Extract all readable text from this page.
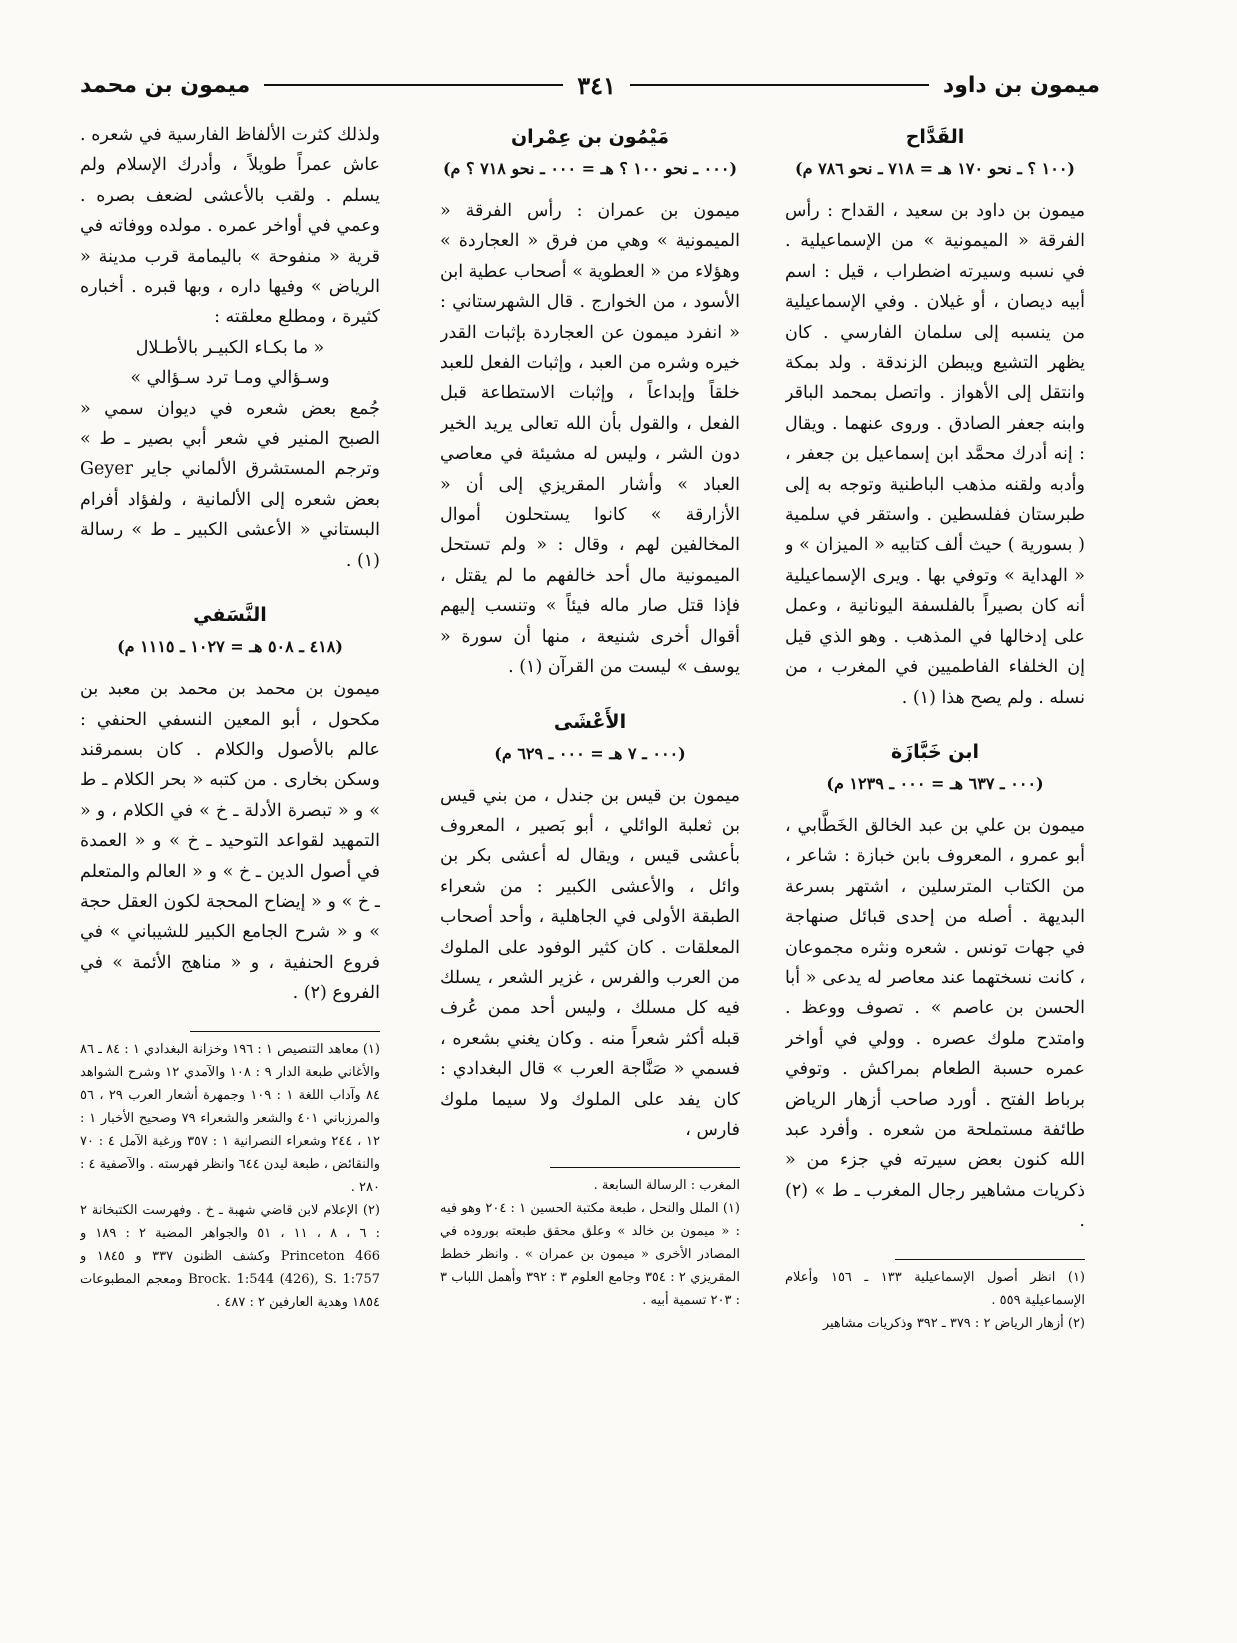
ميمون بن داود
٣٤١
ميمون بن محمد
القَدَّاح

(١٠٠ ؟ ـ نحو ١٧٠ هـ = ٧١٨ ـ نحو ٧٨٦ م)

ميمون بن داود بن سعيد ، القداح : رأس الفرقة « الميمونية » من الإسماعيلية . في نسبه وسيرته اضطراب ، قيل : اسم أبيه ديصان ، أو غيلان . وفي الإسماعيلية من ينسبه إلى سلمان الفارسي . كان يظهر التشيع ويبطن الزندقة . ولد بمكة وانتقل إلى الأهواز . واتصل بمحمد الباقر وابنه جعفر الصادق . وروى عنهما . ويقال : إنه أدرك محمَّد ابن إسماعيل بن جعفر ، وأدبه ولقنه مذهب الباطنية وتوجه به إلى طبرستان ففلسطين . واستقر في سلمية ( بسورية ) حيث ألف كتابيه « الميزان » و « الهداية » وتوفي بها . ويرى الإسماعيلية أنه كان بصيراً بالفلسفة اليونانية ، وعمل على إدخالها في المذهب . وهو الذي قيل إن الخلفاء الفاطميين في المغرب ، من نسله . ولم يصح هذا (١) .

ابن خَبَّازَة

(٠٠٠ ـ ٦٣٧ هـ = ٠٠٠ ـ ١٢٣٩ م)

ميمون بن علي بن عبد الخالق الخَطَّابي ، أبو عمرو ، المعروف بابن خبازة : شاعر ، من الكتاب المترسلين ، اشتهر بسرعة البديهة . أصله من إحدى قبائل صنهاجة في جهات تونس . شعره ونثره مجموعان ، كانت نسختهما عند معاصر له يدعى « أبا الحسن بن عاصم » . تصوف ووعظ . وامتدح ملوك عصره . وولي في أواخر عمره حسبة الطعام بمراكش . وتوفي برباط الفتح . أورد صاحب أزهار الرياض طائفة مستملحة من شعره . وأفرد عبد الله كنون بعض سيرته في جزء من « ذكريات مشاهير رجال المغرب ـ ط » (٢) .

(١) انظر أصول الإسماعيلية ١٣٣ ـ ١٥٦ وأعلام الإسماعيلية ٥٥٩ .

(٢) أزهار الرياض ٢ : ٣٧٩ ـ ٣٩٢ وذكريات مشاهير

مَيْمُون بن عِمْران

(٠٠٠ ـ نحو ١٠٠ ؟ هـ = ٠٠٠ ـ نحو ٧١٨ ؟ م)

ميمون بن عمران : رأس الفرقة « الميمونية » وهي من فرق « العجاردة » وهؤلاء من « العطوية » أصحاب عطية ابن الأسود ، من الخوارج . قال الشهرستاني : « انفرد ميمون عن العجاردة بإثبات القدر خيره وشره من العبد ، وإثبات الفعل للعبد خلقاً وإبداعاً ، وإثبات الاستطاعة قبل الفعل ، والقول بأن الله تعالى يريد الخير دون الشر ، وليس له مشيئة في معاصي العباد » وأشار المقريزي إلى أن « الأزارقة » كانوا يستحلون أموال المخالفين لهم ، وقال : « ولم تستحل الميمونية مال أحد خالفهم ما لم يقتل ، فإذا قتل صار ماله فيئاً » وتنسب إليهم أقوال أخرى شنيعة ، منها أن سورة « يوسف » ليست من القرآن (١) .

الأَعْشَى

(٠٠٠ ـ ٧ هـ = ٠٠٠ ـ ٦٢٩ م)

ميمون بن قيس بن جندل ، من بني قيس بن ثعلبة الوائلي ، أبو بَصير ، المعروف بأعشى قيس ، ويقال له أعشى بكر بن وائل ، والأعشى الكبير : من شعراء الطبقة الأولى في الجاهلية ، وأحد أصحاب المعلقات . كان كثير الوفود على الملوك من العرب والفرس ، غزير الشعر ، يسلك فيه كل مسلك ، وليس أحد ممن عُرف قبله أكثر شعراً منه . وكان يغني بشعره ، فسمي « صَنَّاجة العرب » قال البغدادي : كان يفد على الملوك ولا سيما ملوك فارس ،

المغرب : الرسالة السابعة .

(١) الملل والنحل ، طبعة مكتبة الحسين ١ : ٢٠٤ وهو فيه : « ميمون بن خالد » وعلق محقق طبعته بوروده في المصادر الأخرى « ميمون بن عمران » . وانظر خطط المقريزي ٢ : ٣٥٤ وجامع العلوم ٣ : ٣٩٢ وأهمل اللباب ٣ : ٢٠٣ تسمية أبيه .

ولذلك كثرت الألفاظ الفارسية في شعره . عاش عمراً طويلاً ، وأدرك الإسلام ولم يسلم . ولقب بالأعشى لضعف بصره . وعمي في أواخر عمره . مولده ووفاته في قرية « منفوحة » باليمامة قرب مدينة « الرياض » وفيها داره ، وبها قبره . أخباره كثيرة ، ومطلع معلقته :

« ما بكـاء الكبيـر بالأطـلال

وسـؤالي ومـا ترد سـؤالي »

جُمع بعض شعره في ديوان سمي « الصبح المنير في شعر أبي بصير ـ ط » وترجم المستشرق الألماني جاير Geyer بعض شعره إلى الألمانية ، ولفؤاد أفرام البستاني « الأعشى الكبير ـ ط » رسالة (١) .

النَّسَفي

(٤١٨ ـ ٥٠٨ هـ = ١٠٢٧ ـ ١١١٥ م)

ميمون بن محمد بن محمد بن معبد بن مكحول ، أبو المعين النسفي الحنفي : عالم بالأصول والكلام . كان بسمرقند وسكن بخارى . من كتبه « بحر الكلام ـ ط » و « تبصرة الأدلة ـ خ » في الكلام ، و « التمهيد لقواعد التوحيد ـ خ » و « العمدة في أصول الدين ـ خ » و « العالم والمتعلم ـ خ » و « إيضاح المحجة لكون العقل حجة » و « شرح الجامع الكبير للشيباني » في فروع الحنفية ، و « مناهج الأئمة » في الفروع (٢) .

(١) معاهد التنصيص ١ : ١٩٦ وخزانة البغدادي ١ : ٨٤ ـ ٨٦ والأغاني طبعة الدار ٩ : ١٠٨ والآمدي ١٢ وشرح الشواهد ٨٤ وآداب اللغة ١ : ١٠٩ وجمهرة أشعار العرب ٢٩ ، ٥٦ والمرزباني ٤٠١ والشعر والشعراء ٧٩ وصحيح الأخبار ١ : ١٢ ، ٢٤٤ وشعراء النصرانية ١ : ٣٥٧ ورغبة الآمل ٤ : ٧٠ والنقائض ، طبعة ليدن ٦٤٤ وانظر فهرسته . والآصفية ٤ : ٢٨٠ .

(٢) الإعلام لابن قاضي شهبة ـ خ . وفهرست الكتبخانة ٢ : ٦ ، ٨ ، ١١ ، ٥١ والجواهر المضية ٢ : ١٨٩ و Princeton 466 وكشف الظنون ٣٣٧ و ١٨٤٥ و Brock. 1:544 (426), S. 1:757 ومعجم المطبوعات ١٨٥٤ وهدية العارفين ٢ : ٤٨٧ .
